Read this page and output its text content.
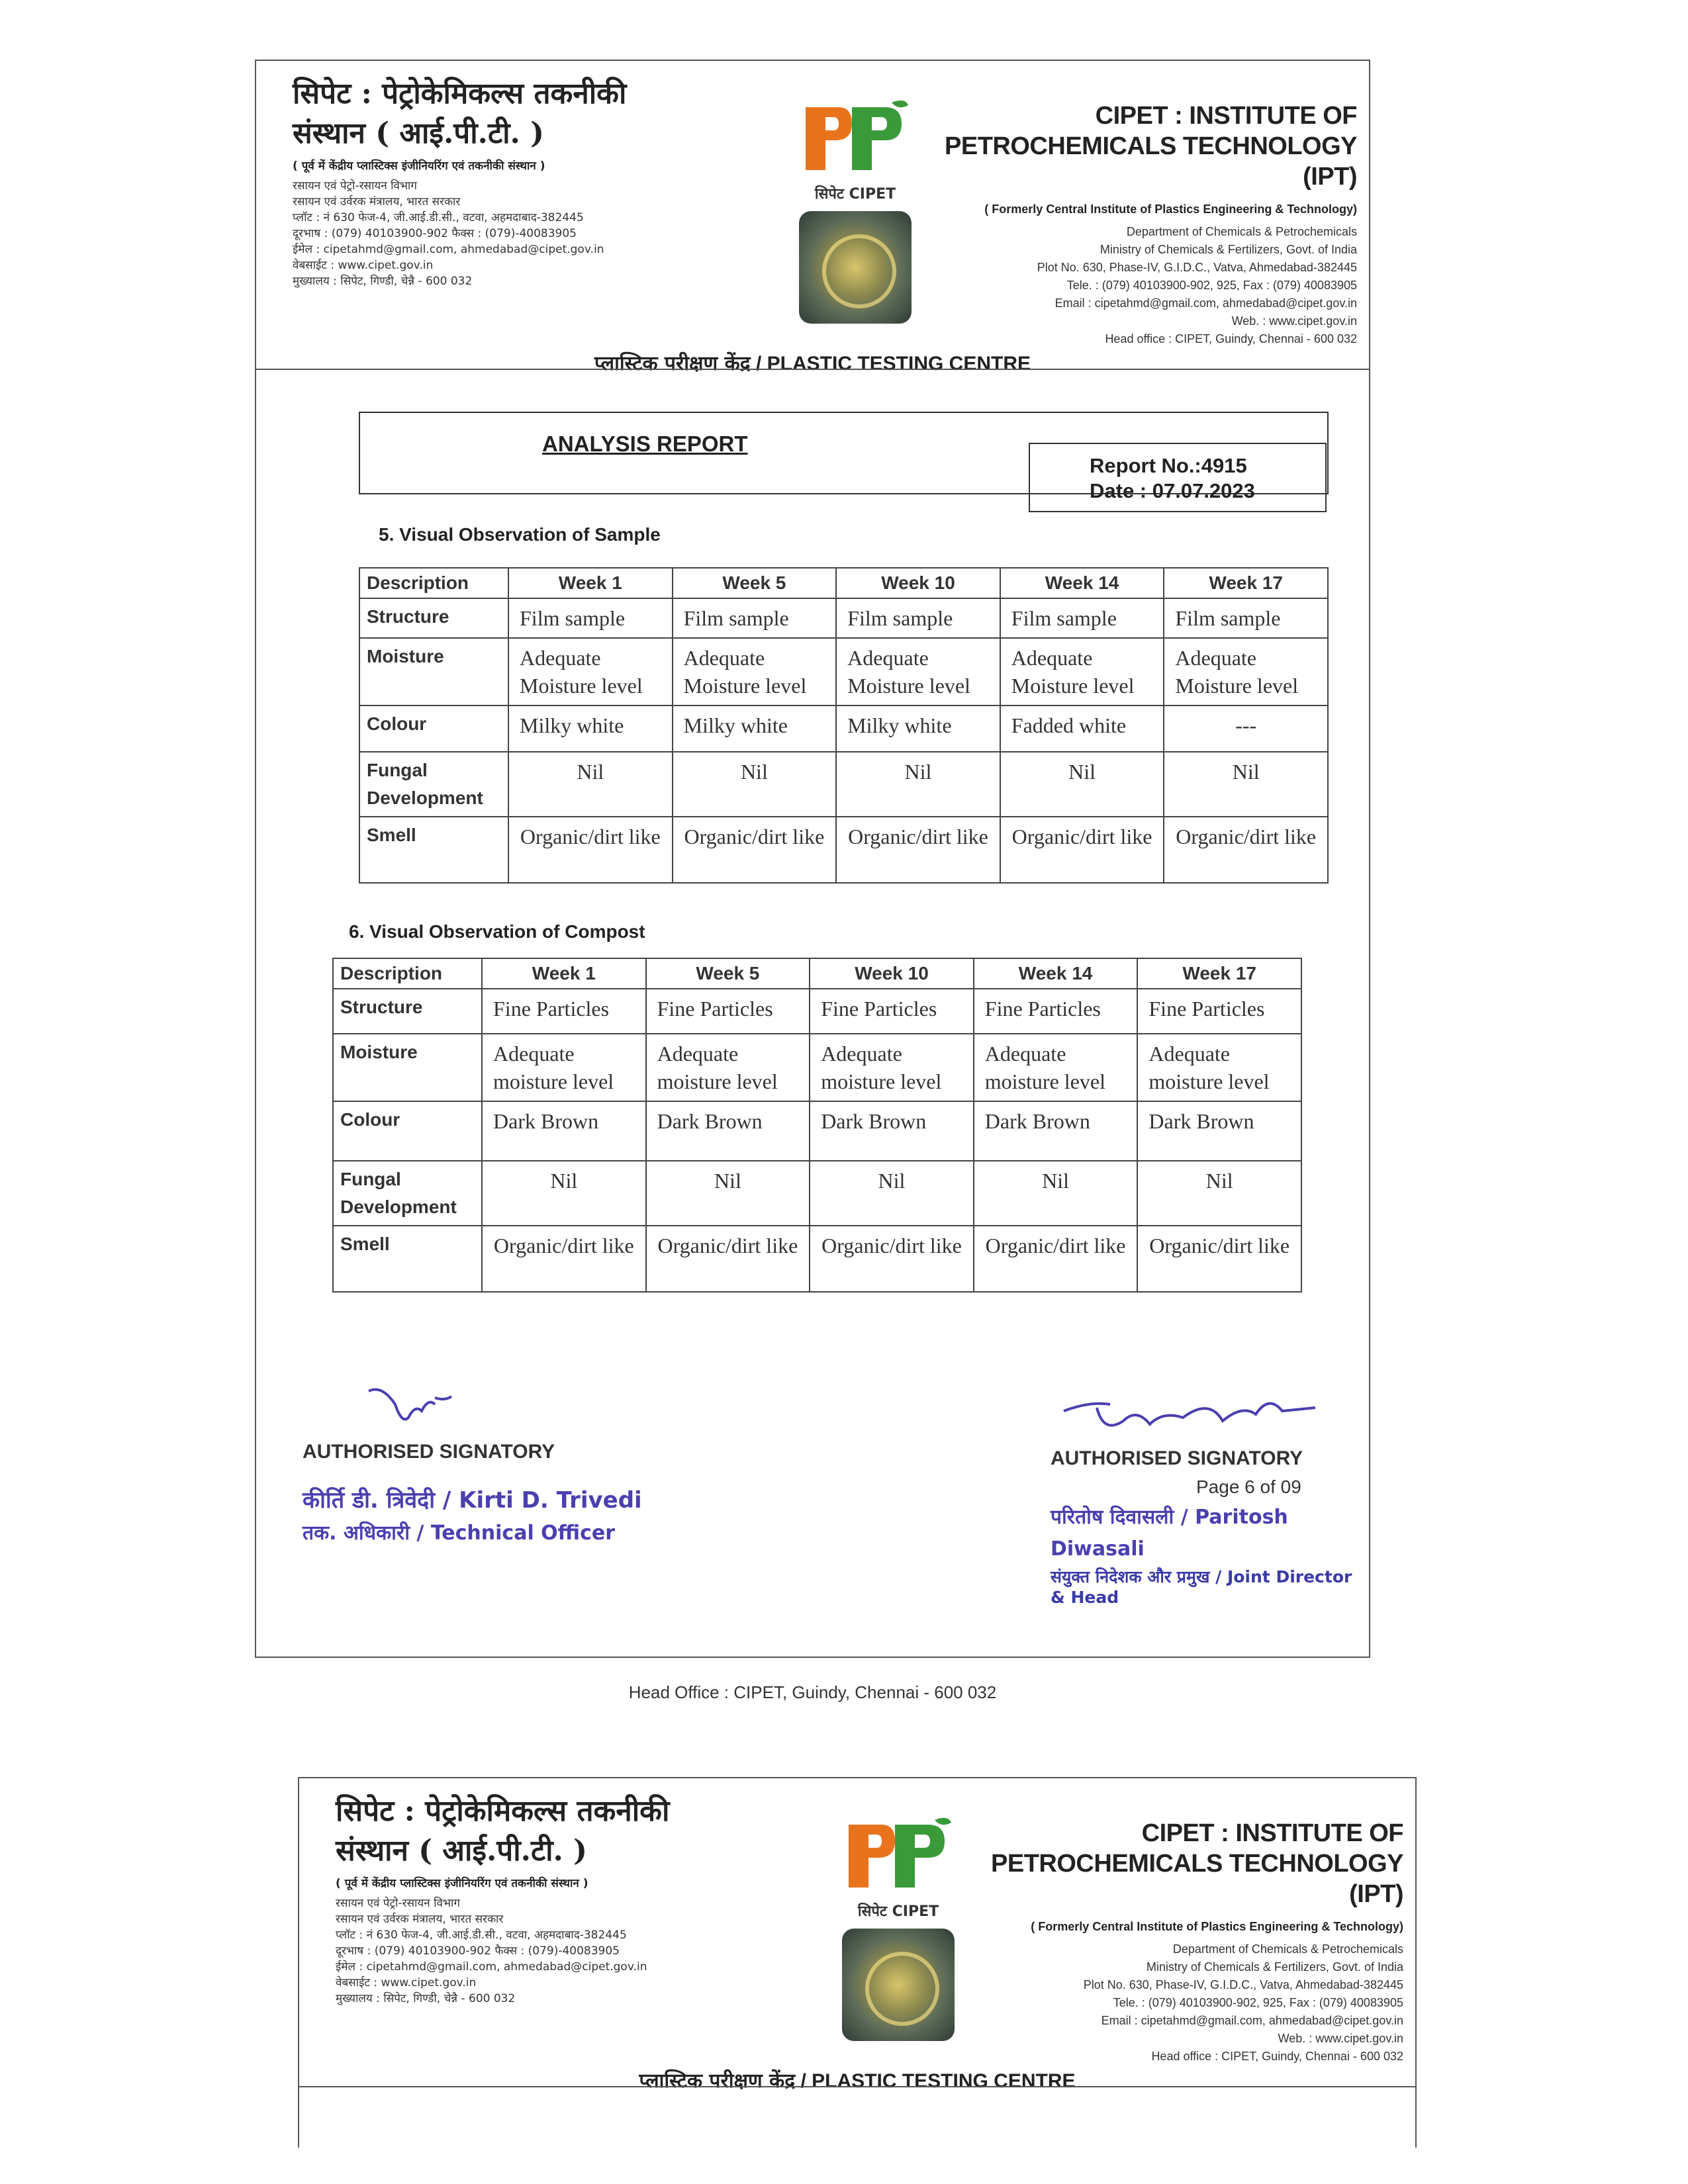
सिपेट : पेट्रोकेमिकल्स तकनीकी संस्थान ( आई.पी.टी. )
( पूर्व में केंद्रीय प्लास्टिक्स इंजीनियरिंग एवं तकनीकी संस्थान )
रसायन एवं पेट्रो-रसायन विभाग
रसायन एवं उर्वरक मंत्रालय, भारत सरकार
प्लॉट : नं 630 फेज-4, जी.आई.डी.सी., वटवा, अहमदाबाद-382445
दूरभाष : (079) 40103900-902 फैक्स : (079)-40083905
ईमेल : cipetahmd@gmail.com, ahmedabad@cipet.gov.in
वेबसाईट : www.cipet.gov.in
मुख्यालय : सिपेट, गिण्डी, चेन्नै - 600 032
सिपेट CIPET
CIPET : INSTITUTE OF PETROCHEMICALS TECHNOLOGY (IPT)
( Formerly Central Institute of Plastics Engineering & Technology)
Department of Chemicals & Petrochemicals
Ministry of Chemicals & Fertilizers, Govt. of India
Plot No. 630, Phase-IV, G.I.D.C., Vatva, Ahmedabad-382445
Tele. : (079) 40103900-902, 925, Fax : (079) 40083905
Email : cipetahmd@gmail.com, ahmedabad@cipet.gov.in
Web. : www.cipet.gov.in
Head office : CIPET, Guindy, Chennai - 600 032
प्लास्टिक परीक्षण केंद्र / PLASTIC TESTING CENTRE
ANALYSIS REPORT
Report No.:4915
Date : 07.07.2023
5. Visual Observation of Sample
Description	Week 1	Week 5	Week 10	Week 14	Week 17
Structure	Film sample	Film sample	Film sample	Film sample	Film sample
Moisture	Adequate Moisture level	Adequate Moisture level	Adequate Moisture level	Adequate Moisture level	Adequate Moisture level
Colour	Milky white	Milky white	Milky white	Fadded white	---
Fungal Development	Nil	Nil	Nil	Nil	Nil
Smell	Organic/dirt like	Organic/dirt like	Organic/dirt like	Organic/dirt like	Organic/dirt like
6. Visual Observation of Compost
Description	Week 1	Week 5	Week 10	Week 14	Week 17
Structure	Fine Particles	Fine Particles	Fine Particles	Fine Particles	Fine Particles
Moisture	Adequate moisture level	Adequate moisture level	Adequate moisture level	Adequate moisture level	Adequate moisture level
Colour	Dark Brown	Dark Brown	Dark Brown	Dark Brown	Dark Brown
Fungal Development	Nil	Nil	Nil	Nil	Nil
Smell	Organic/dirt like	Organic/dirt like	Organic/dirt like	Organic/dirt like	Organic/dirt like
AUTHORISED SIGNATORY
कीर्ति डी. त्रिवेदी / Kirti D. Trivedi
तक. अधिकारी / Technical Officer
AUTHORISED SIGNATORY
Page 6 of 09
परितोष दिवासली / Paritosh Diwasali
संयुक्त निदेशक और प्रमुख / Joint Director & Head
Head Office : CIPET, Guindy, Chennai - 600 032
सिपेट : पेट्रोकेमिकल्स तकनीकी संस्थान ( आई.पी.टी. )
( पूर्व में केंद्रीय प्लास्टिक्स इंजीनियरिंग एवं तकनीकी संस्थान )
रसायन एवं पेट्रो-रसायन विभाग
रसायन एवं उर्वरक मंत्रालय, भारत सरकार
प्लॉट : नं 630 फेज-4, जी.आई.डी.सी., वटवा, अहमदाबाद-382445
दूरभाष : (079) 40103900-902 फैक्स : (079)-40083905
ईमेल : cipetahmd@gmail.com, ahmedabad@cipet.gov.in
वेबसाईट : www.cipet.gov.in
मुख्यालय : सिपेट, गिण्डी, चेन्नै - 600 032
सिपेट CIPET
CIPET : INSTITUTE OF PETROCHEMICALS TECHNOLOGY (IPT)
( Formerly Central Institute of Plastics Engineering & Technology)
Department of Chemicals & Petrochemicals
Ministry of Chemicals & Fertilizers, Govt. of India
Plot No. 630, Phase-IV, G.I.D.C., Vatva, Ahmedabad-382445
Tele. : (079) 40103900-902, 925, Fax : (079) 40083905
Email : cipetahmd@gmail.com, ahmedabad@cipet.gov.in
Web. : www.cipet.gov.in
Head office : CIPET, Guindy, Chennai - 600 032
प्लास्टिक परीक्षण केंद्र / PLASTIC TESTING CENTRE
